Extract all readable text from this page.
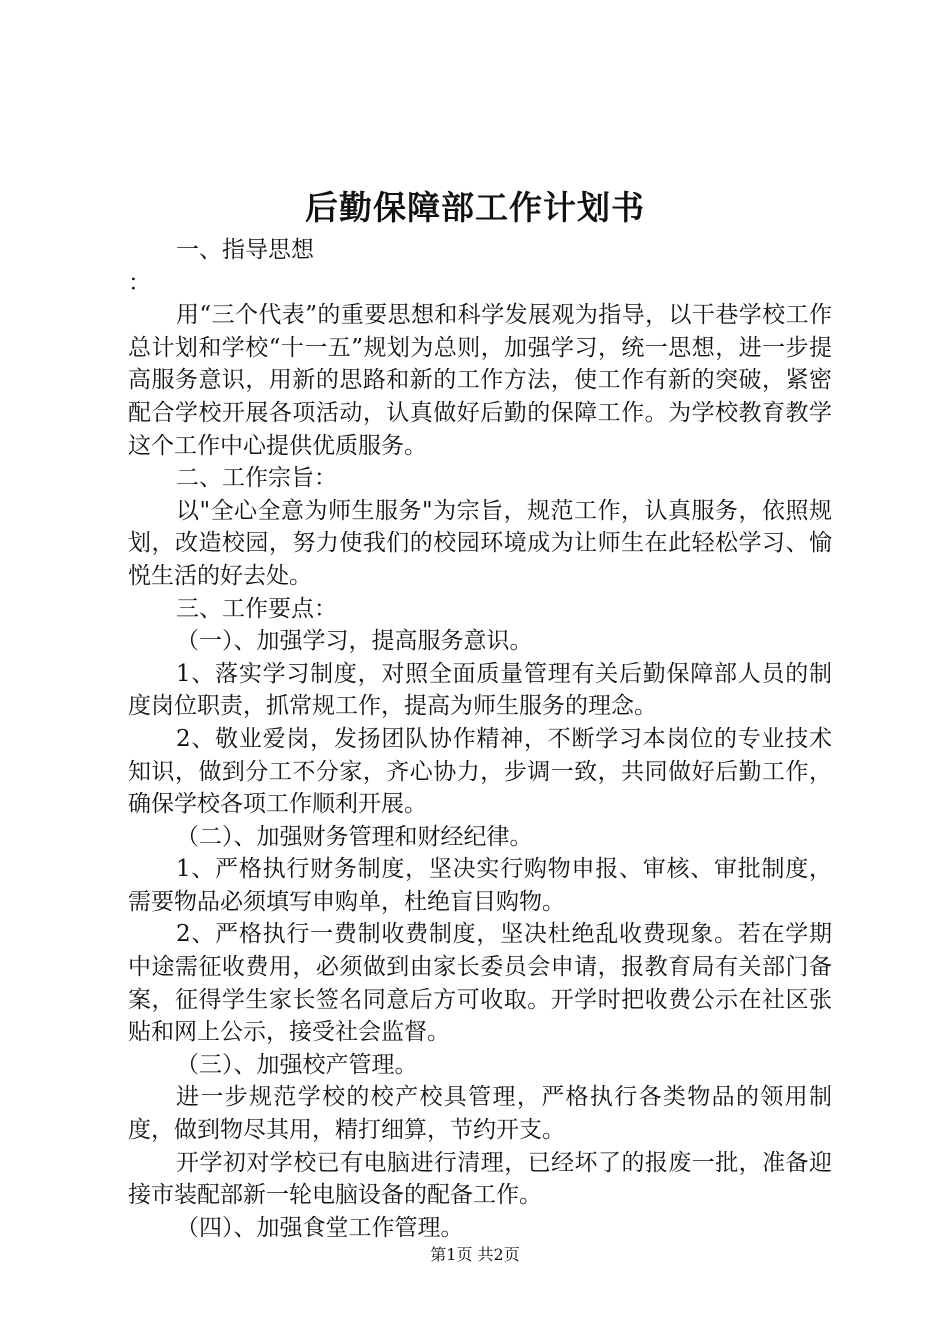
后勤保障部工作计划书

一、指导思想

：

用“三个代表”的重要思想和科学发展观为指导，以干巷学校工作总计划和学校“十一五”规划为总则，加强学习，统一思想，进一步提高服务意识，用新的思路和新的工作方法，使工作有新的突破，紧密配合学校开展各项活动，认真做好后勤的保障工作。为学校教育教学这个工作中心提供优质服务。

二、工作宗旨：

以"全心全意为师生服务"为宗旨，规范工作，认真服务，依照规划，改造校园，努力使我们的校园环境成为让师生在此轻松学习、愉悦生活的好去处。

三、工作要点：

（一）、加强学习，提高服务意识。

1、落实学习制度，对照全面质量管理有关后勤保障部人员的制度岗位职责，抓常规工作，提高为师生服务的理念。

2、敬业爱岗，发扬团队协作精神，不断学习本岗位的专业技术知识，做到分工不分家，齐心协力，步调一致，共同做好后勤工作，确保学校各项工作顺利开展。

（二）、加强财务管理和财经纪律。

1、严格执行财务制度，坚决实行购物申报、审核、审批制度，需要物品必须填写申购单，杜绝盲目购物。

2、严格执行一费制收费制度，坚决杜绝乱收费现象。若在学期中途需征收费用，必须做到由家长委员会申请，报教育局有关部门备案，征得学生家长签名同意后方可收取。开学时把收费公示在社区张贴和网上公示，接受社会监督。

（三）、加强校产管理。

进一步规范学校的校产校具管理，严格执行各类物品的领用制度，做到物尽其用，精打细算，节约开支。

开学初对学校已有电脑进行清理，已经坏了的报废一批，准备迎接市装配部新一轮电脑设备的配备工作。

（四）、加强食堂工作管理。

第1页 共2页
